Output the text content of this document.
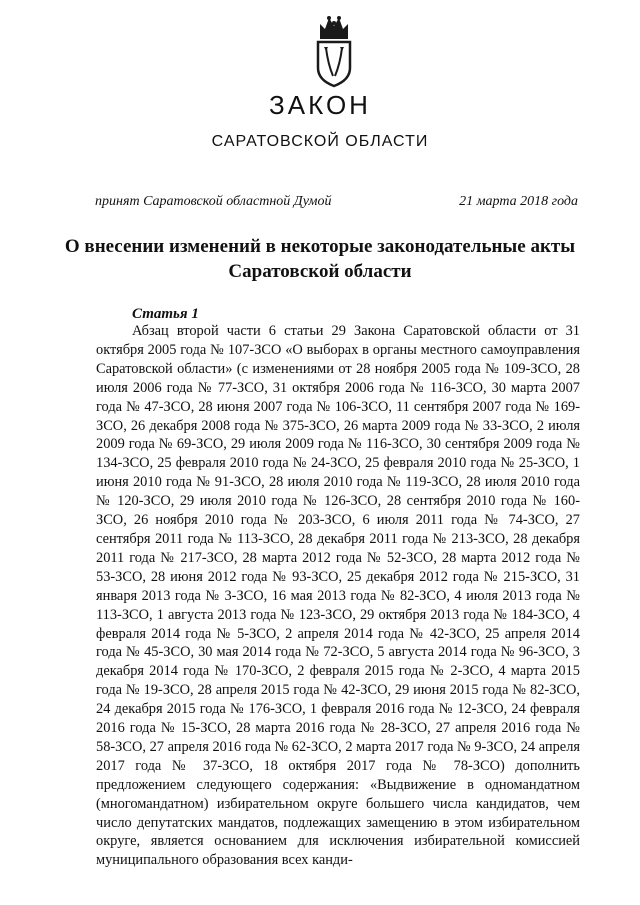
ЗАКОН
САРАТОВСКОЙ ОБЛАСТИ
принят Саратовской областной Думой	21 марта 2018 года
О внесении изменений в некоторые законодательные акты Саратовской области
Статья 1

Абзац второй части 6 статьи 29 Закона Саратовской области от 31 октября 2005 года № 107-ЗСО «О выборах в органы местного самоуправления Саратовской области» (с изменениями от 28 ноября 2005 года № 109-ЗСО, 28 июля 2006 года № 77-ЗСО, 31 октября 2006 года № 116-ЗСО, 30 марта 2007 года № 47-ЗСО, 28 июня 2007 года № 106-ЗСО, 11 сентября 2007 года № 169-ЗСО, 26 декабря 2008 года № 375-ЗСО, 26 марта 2009 года № 33-ЗСО, 2 июля 2009 года № 69-ЗСО, 29 июля 2009 года № 116-ЗСО, 30 сентября 2009 года № 134-ЗСО, 25 февраля 2010 года № 24-ЗСО, 25 февраля 2010 года № 25-ЗСО, 1 июня 2010 года № 91-ЗСО, 28 июля 2010 года № 119-ЗСО, 28 июля 2010 года № 120-ЗСО, 29 июля 2010 года № 126-ЗСО, 28 сентября 2010 года № 160-ЗСО, 26 ноября 2010 года № 203-ЗСО, 6 июля 2011 года № 74-ЗСО, 27 сентября 2011 года № 113-ЗСО, 28 декабря 2011 года № 213-ЗСО, 28 декабря 2011 года № 217-ЗСО, 28 марта 2012 года № 52-ЗСО, 28 марта 2012 года № 53-ЗСО, 28 июня 2012 года № 93-ЗСО, 25 декабря 2012 года № 215-ЗСО, 31 января 2013 года № 3-ЗСО, 16 мая 2013 года № 82-ЗСО, 4 июля 2013 года № 113-ЗСО, 1 августа 2013 года № 123-ЗСО, 29 октября 2013 года № 184-ЗСО, 4 февраля 2014 года № 5-ЗСО, 2 апреля 2014 года № 42-ЗСО, 25 апреля 2014 года № 45-ЗСО, 30 мая 2014 года № 72-ЗСО, 5 августа 2014 года № 96-ЗСО, 3 декабря 2014 года № 170-ЗСО, 2 февраля 2015 года № 2-ЗСО, 4 марта 2015 года № 19-ЗСО, 28 апреля 2015 года № 42-ЗСО, 29 июня 2015 года № 82-ЗСО, 24 декабря 2015 года № 176-ЗСО, 1 февраля 2016 года № 12-ЗСО, 24 февраля 2016 года № 15-ЗСО, 28 марта 2016 года № 28-ЗСО, 27 апреля 2016 года № 58-ЗСО, 27 апреля 2016 года № 62-ЗСО, 2 марта 2017 года № 9-ЗСО, 24 апреля 2017 года № 37-ЗСО, 18 октября 2017 года № 78-ЗСО) дополнить предложением следующего содержания: «Выдвижение в одномандатном (многомандатном) избирательном округе большего числа кандидатов, чем число депутатских мандатов, подлежащих замещению в этом избирательном округе, является основанием для исключения избирательной комиссией муниципального образования всех канди-
